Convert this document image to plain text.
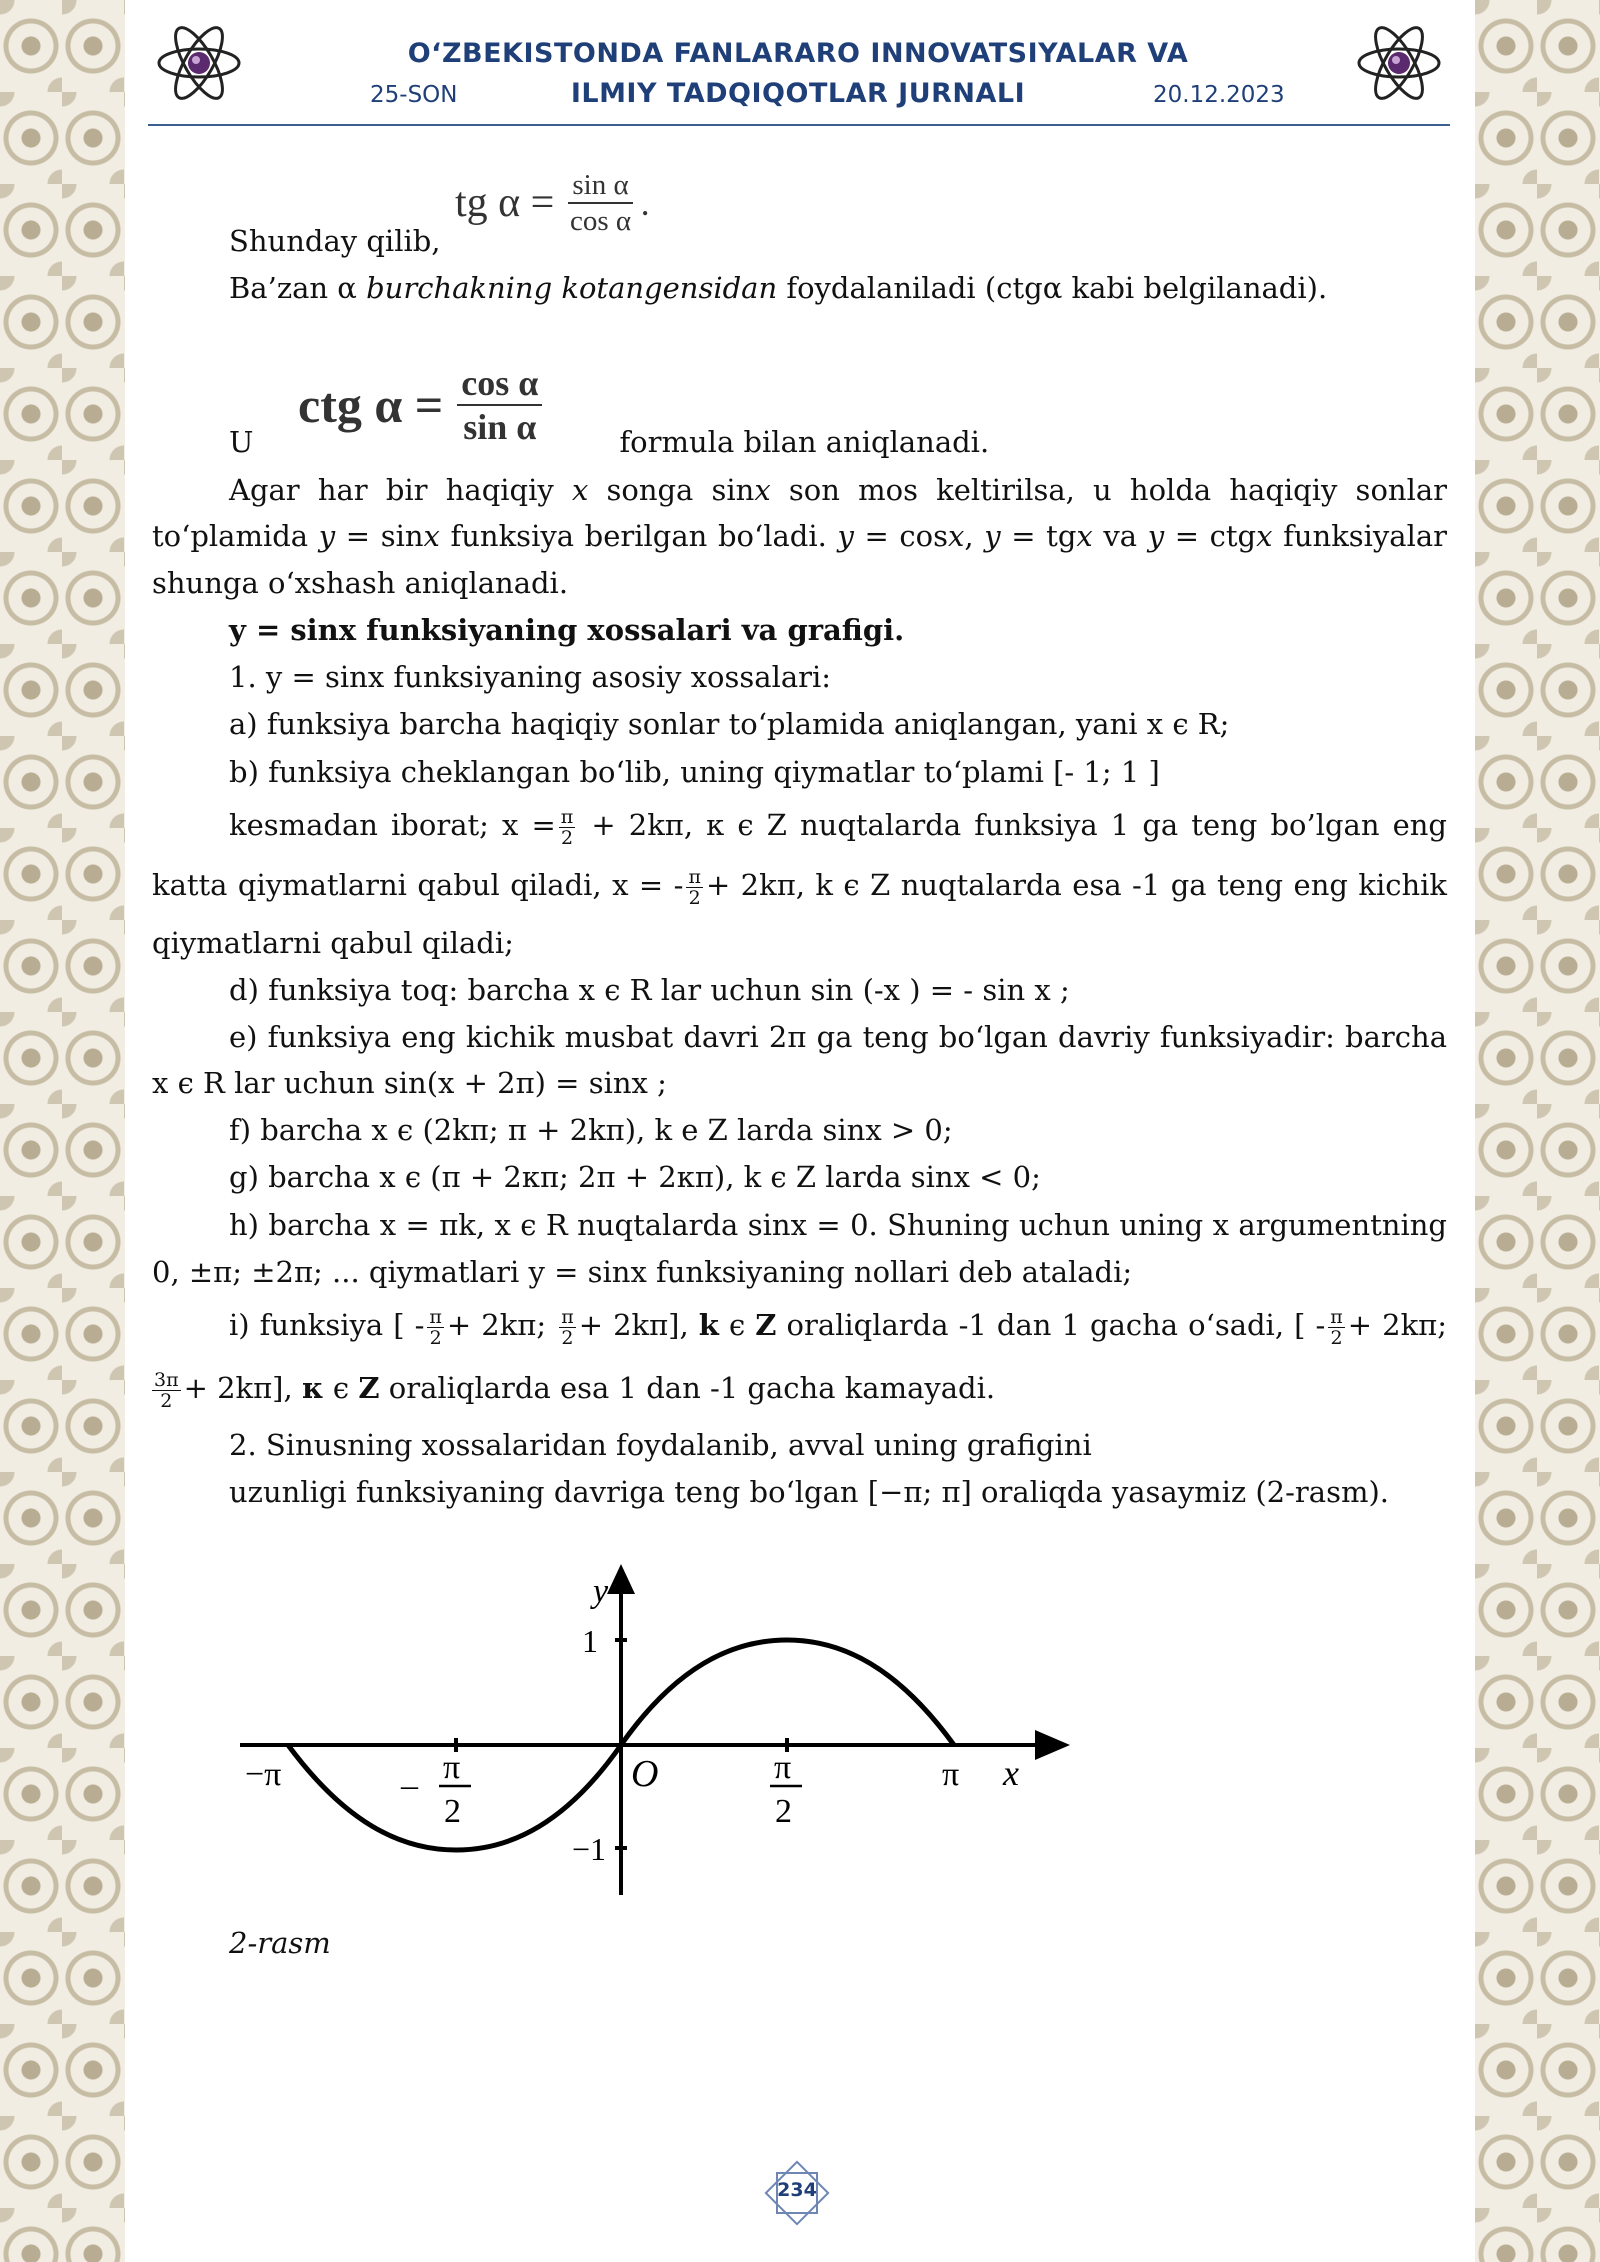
O‘ZBEKISTONDA FANLARARO INNOVATSIYALAR VA
ILMIY TADQIQOTLAR JURNALI
25-SON	20.12.2023
tg $\alpha = \frac{\text{sin α}}{\text{cos α}}$ .
ctg $\alpha = \frac{\text{cos α}}{\text{sin α}}$
Shunday qilib,
Ba’zan α burchakning kotangensidan foydalaniladi (ctgα kabi belgilanadi).
U	formula bilan aniqlanadi.
Agar har bir haqiqiy x songa sinx son mos keltirilsa, u holda haqiqiy sonlar
to‘plamida y = sinx funksiya berilgan bo‘ladi. y = cosx, y = tgx va y = ctgx funksiyalar
shunga o‘xshash aniqlanadi.
y = sinx funksiyaning xossalari va grafigi.
1. y = sinx funksiyaning asosiy xossalari:
a) funksiya barcha haqiqiy sonlar to‘plamida aniqlangan, yani x є R;
b) funksiya cheklangan bo‘lib, uning qiymatlar to‘plami [- 1; 1 ]
kesmadan iborat; $x = \frac{\pi}{2} + 2k\pi$, κ є Z nuqtalarda funksiya 1 ga teng bo’lgan eng
katta qiymatlarni qabul qiladi, x = - $\frac{\pi}{2} + 2k\pi$, k є Z nuqtalarda esa -1 ga teng eng kichik
qiymatlarni qabul qiladi;
d) funksiya toq: barcha x є R lar uchun sin (-x ) = - sin x ;
e) funksiya eng kichik musbat davri 2π ga teng bo‘lgan davriy funksiyadir: barcha
x є R lar uchun sin(x + 2π) = sinx ;
f) barcha x є (2kπ; π + 2kπ), k e Z larda sinx > 0;
g) barcha x є (π + 2κπ; 2π + 2κπ), k є Z larda sinx < 0;
h) barcha x = πk, x є R nuqtalarda sinx = 0. Shuning uchun uning x argumentning
0, ±π; ±2π; ... qiymatlari y = sinx funksiyaning nollari deb ataladi;
i) funksiya [ - $\frac{\pi}{2} + 2k\pi$; $\frac{\pi}{2} + 2k\pi$], k є Z oraliqlarda -1 dan 1 gacha o‘sadi, [ - $\frac{\pi}{2} + 2k\pi$;
$\frac{3\pi}{2} + 2k\pi$], κ є Z oraliqlarda esa 1 dan -1 gacha kamayadi.
2. Sinusning xossalaridan foydalanib, avval uning grafigini
uzunligi funksiyaning davriga teng bo‘lgan [−π; π] oraliqda yasaymiz (2-rasm).
y
1
−1
O
−π	– π
2
π
2
π x
2-rasm
234
